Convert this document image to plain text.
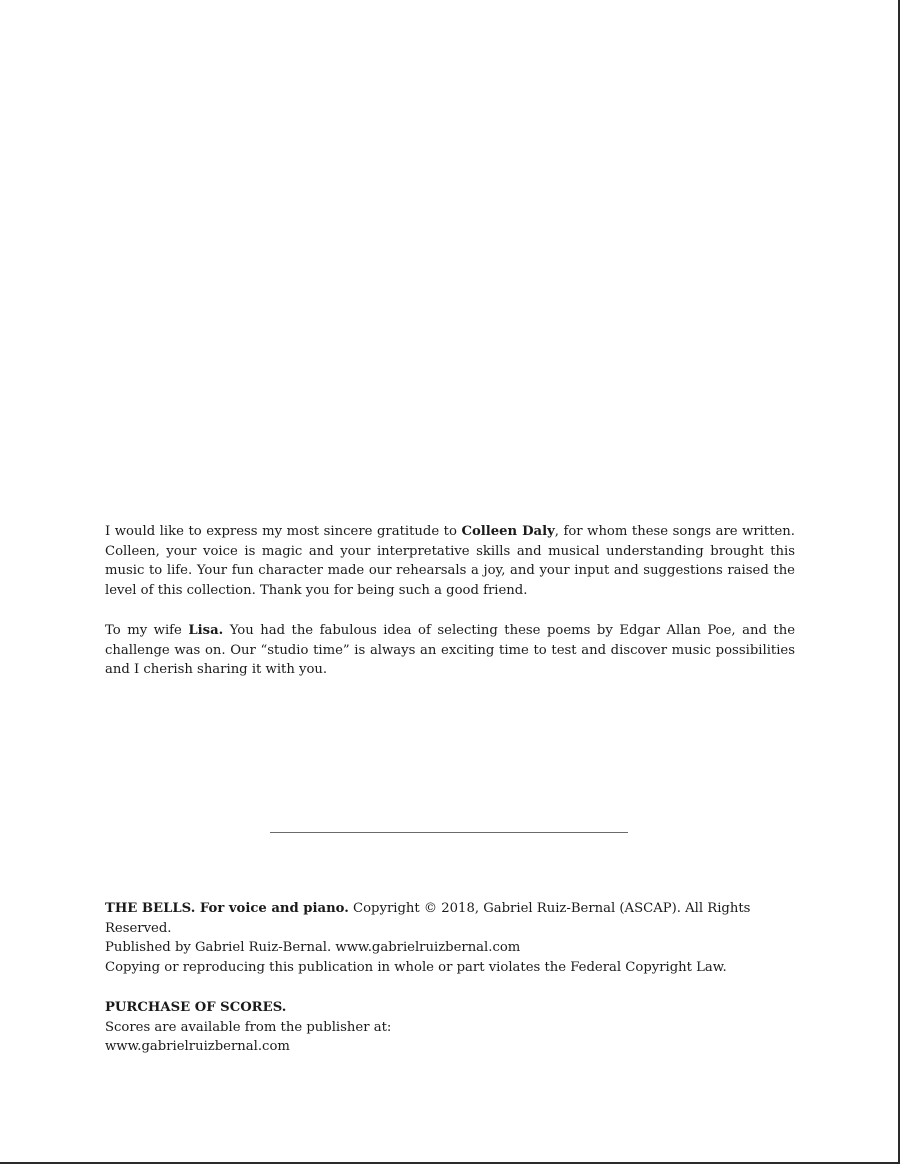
I would like to express my most sincere gratitude to Colleen Daly, for whom these songs are written. Colleen, your voice is magic and your interpretative skills and musical understanding brought this music to life. Your fun character made our rehearsals a joy, and your input and suggestions raised the level of this collection. Thank you for being such a good friend.
To my wife Lisa. You had the fabulous idea of selecting these poems by Edgar Allan Poe, and the challenge was on. Our “studio time” is always an exciting time to test and discover music possibilities and I cherish sharing it with you.

THE BELLS. For voice and piano. Copyright © 2018, Gabriel Ruiz-Bernal (ASCAP). All Rights Reserved.

Published by Gabriel Ruiz-Bernal. www.gabrielruizbernal.com

Copying or reproducing this publication in whole or part violates the Federal Copyright Law.

PURCHASE OF SCORES.

Scores are available from the publisher at:

www.gabrielruizbernal.com
